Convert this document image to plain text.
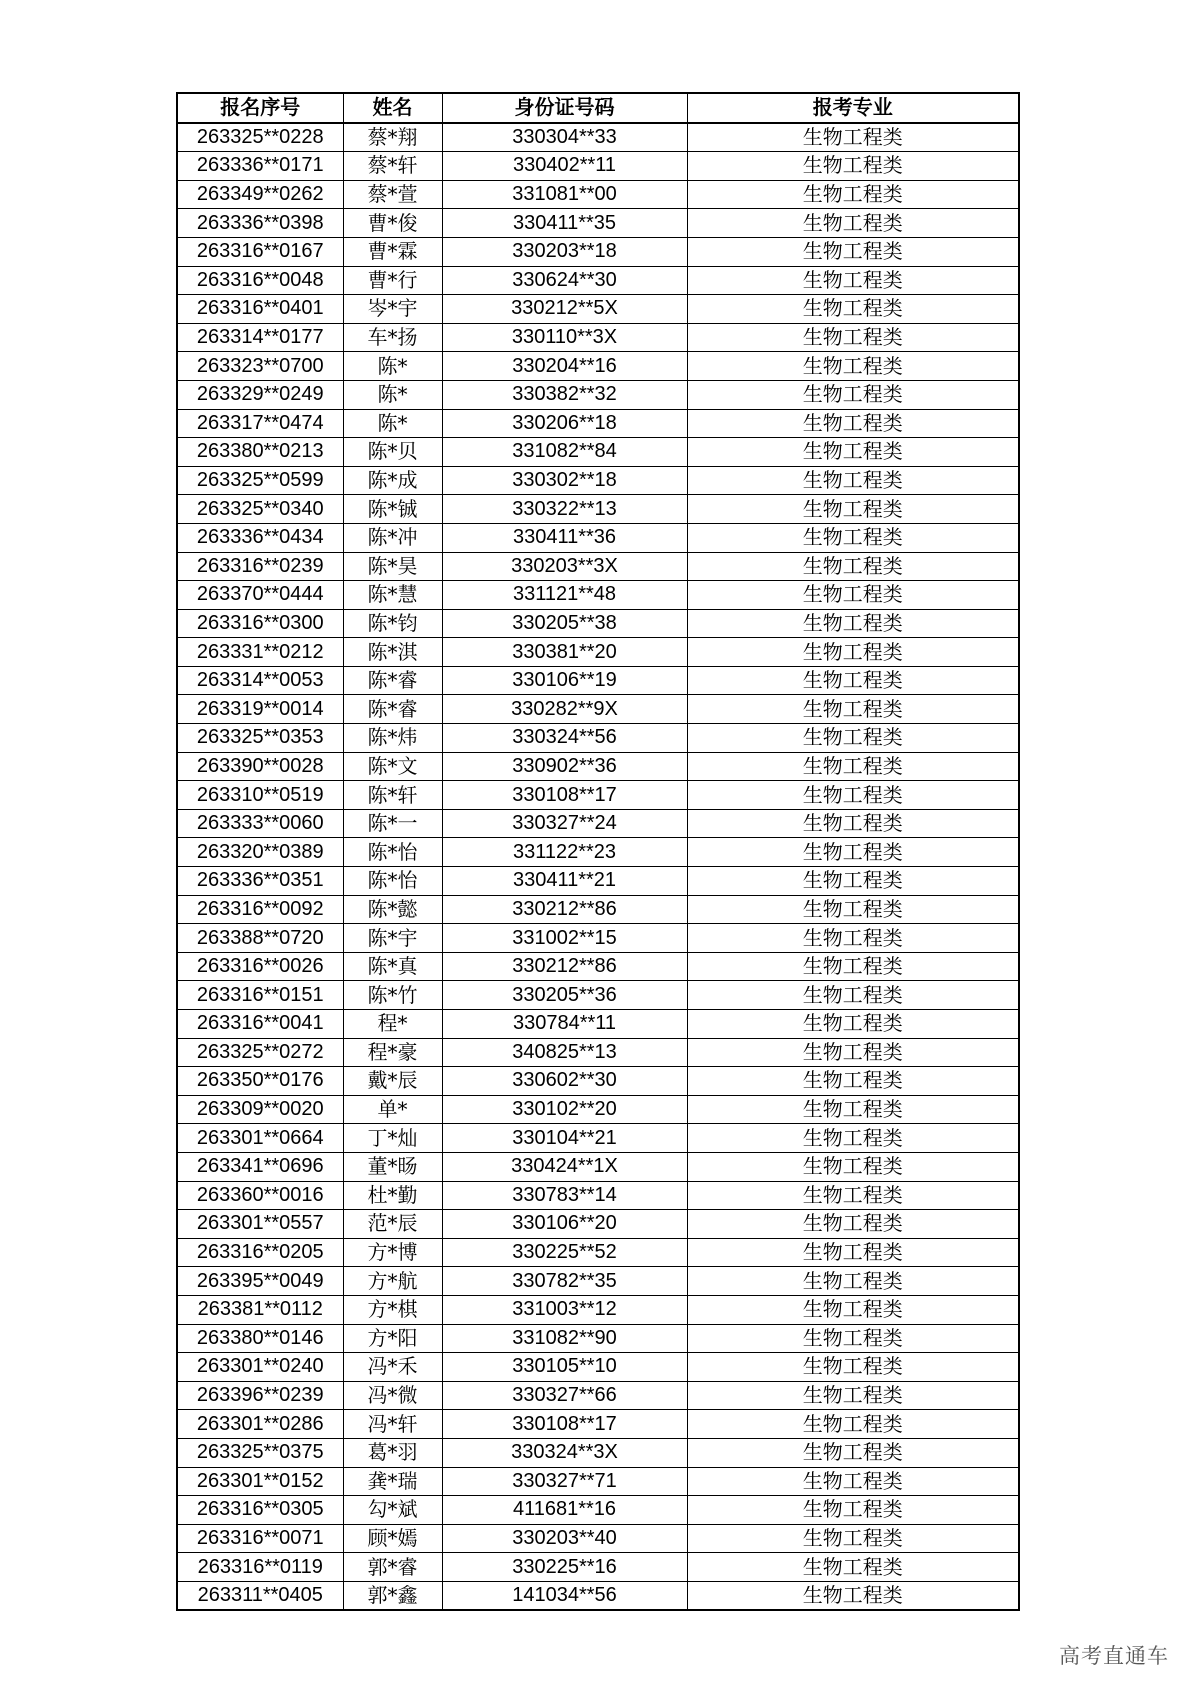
报名序号	姓名	身份证号码	报考专业
263325**0228	蔡*翔	330304**33	生物工程类
263336**0171	蔡*轩	330402**11	生物工程类
263349**0262	蔡*萱	331081**00	生物工程类
263336**0398	曹*俊	330411**35	生物工程类
263316**0167	曹*霖	330203**18	生物工程类
263316**0048	曹*行	330624**30	生物工程类
263316**0401	岑*宇	330212**5X	生物工程类
263314**0177	车*扬	330110**3X	生物工程类
263323**0700	陈*	330204**16	生物工程类
263329**0249	陈*	330382**32	生物工程类
263317**0474	陈*	330206**18	生物工程类
263380**0213	陈*贝	331082**84	生物工程类
263325**0599	陈*成	330302**18	生物工程类
263325**0340	陈*铖	330322**13	生物工程类
263336**0434	陈*冲	330411**36	生物工程类
263316**0239	陈*昊	330203**3X	生物工程类
263370**0444	陈*慧	331121**48	生物工程类
263316**0300	陈*钧	330205**38	生物工程类
263331**0212	陈*淇	330381**20	生物工程类
263314**0053	陈*睿	330106**19	生物工程类
263319**0014	陈*睿	330282**9X	生物工程类
263325**0353	陈*炜	330324**56	生物工程类
263390**0028	陈*文	330902**36	生物工程类
263310**0519	陈*轩	330108**17	生物工程类
263333**0060	陈*一	330327**24	生物工程类
263320**0389	陈*怡	331122**23	生物工程类
263336**0351	陈*怡	330411**21	生物工程类
263316**0092	陈*懿	330212**86	生物工程类
263388**0720	陈*宇	331002**15	生物工程类
263316**0026	陈*真	330212**86	生物工程类
263316**0151	陈*竹	330205**36	生物工程类
263316**0041	程*	330784**11	生物工程类
263325**0272	程*豪	340825**13	生物工程类
263350**0176	戴*辰	330602**30	生物工程类
263309**0020	单*	330102**20	生物工程类
263301**0664	丁*灿	330104**21	生物工程类
263341**0696	董*旸	330424**1X	生物工程类
263360**0016	杜*勤	330783**14	生物工程类
263301**0557	范*辰	330106**20	生物工程类
263316**0205	方*博	330225**52	生物工程类
263395**0049	方*航	330782**35	生物工程类
263381**0112	方*棋	331003**12	生物工程类
263380**0146	方*阳	331082**90	生物工程类
263301**0240	冯*禾	330105**10	生物工程类
263396**0239	冯*微	330327**66	生物工程类
263301**0286	冯*轩	330108**17	生物工程类
263325**0375	葛*羽	330324**3X	生物工程类
263301**0152	龚*瑞	330327**71	生物工程类
263316**0305	勾*斌	411681**16	生物工程类
263316**0071	顾*嫣	330203**40	生物工程类
263316**0119	郭*睿	330225**16	生物工程类
263311**0405	郭*鑫	141034**56	生物工程类
高考直通车
